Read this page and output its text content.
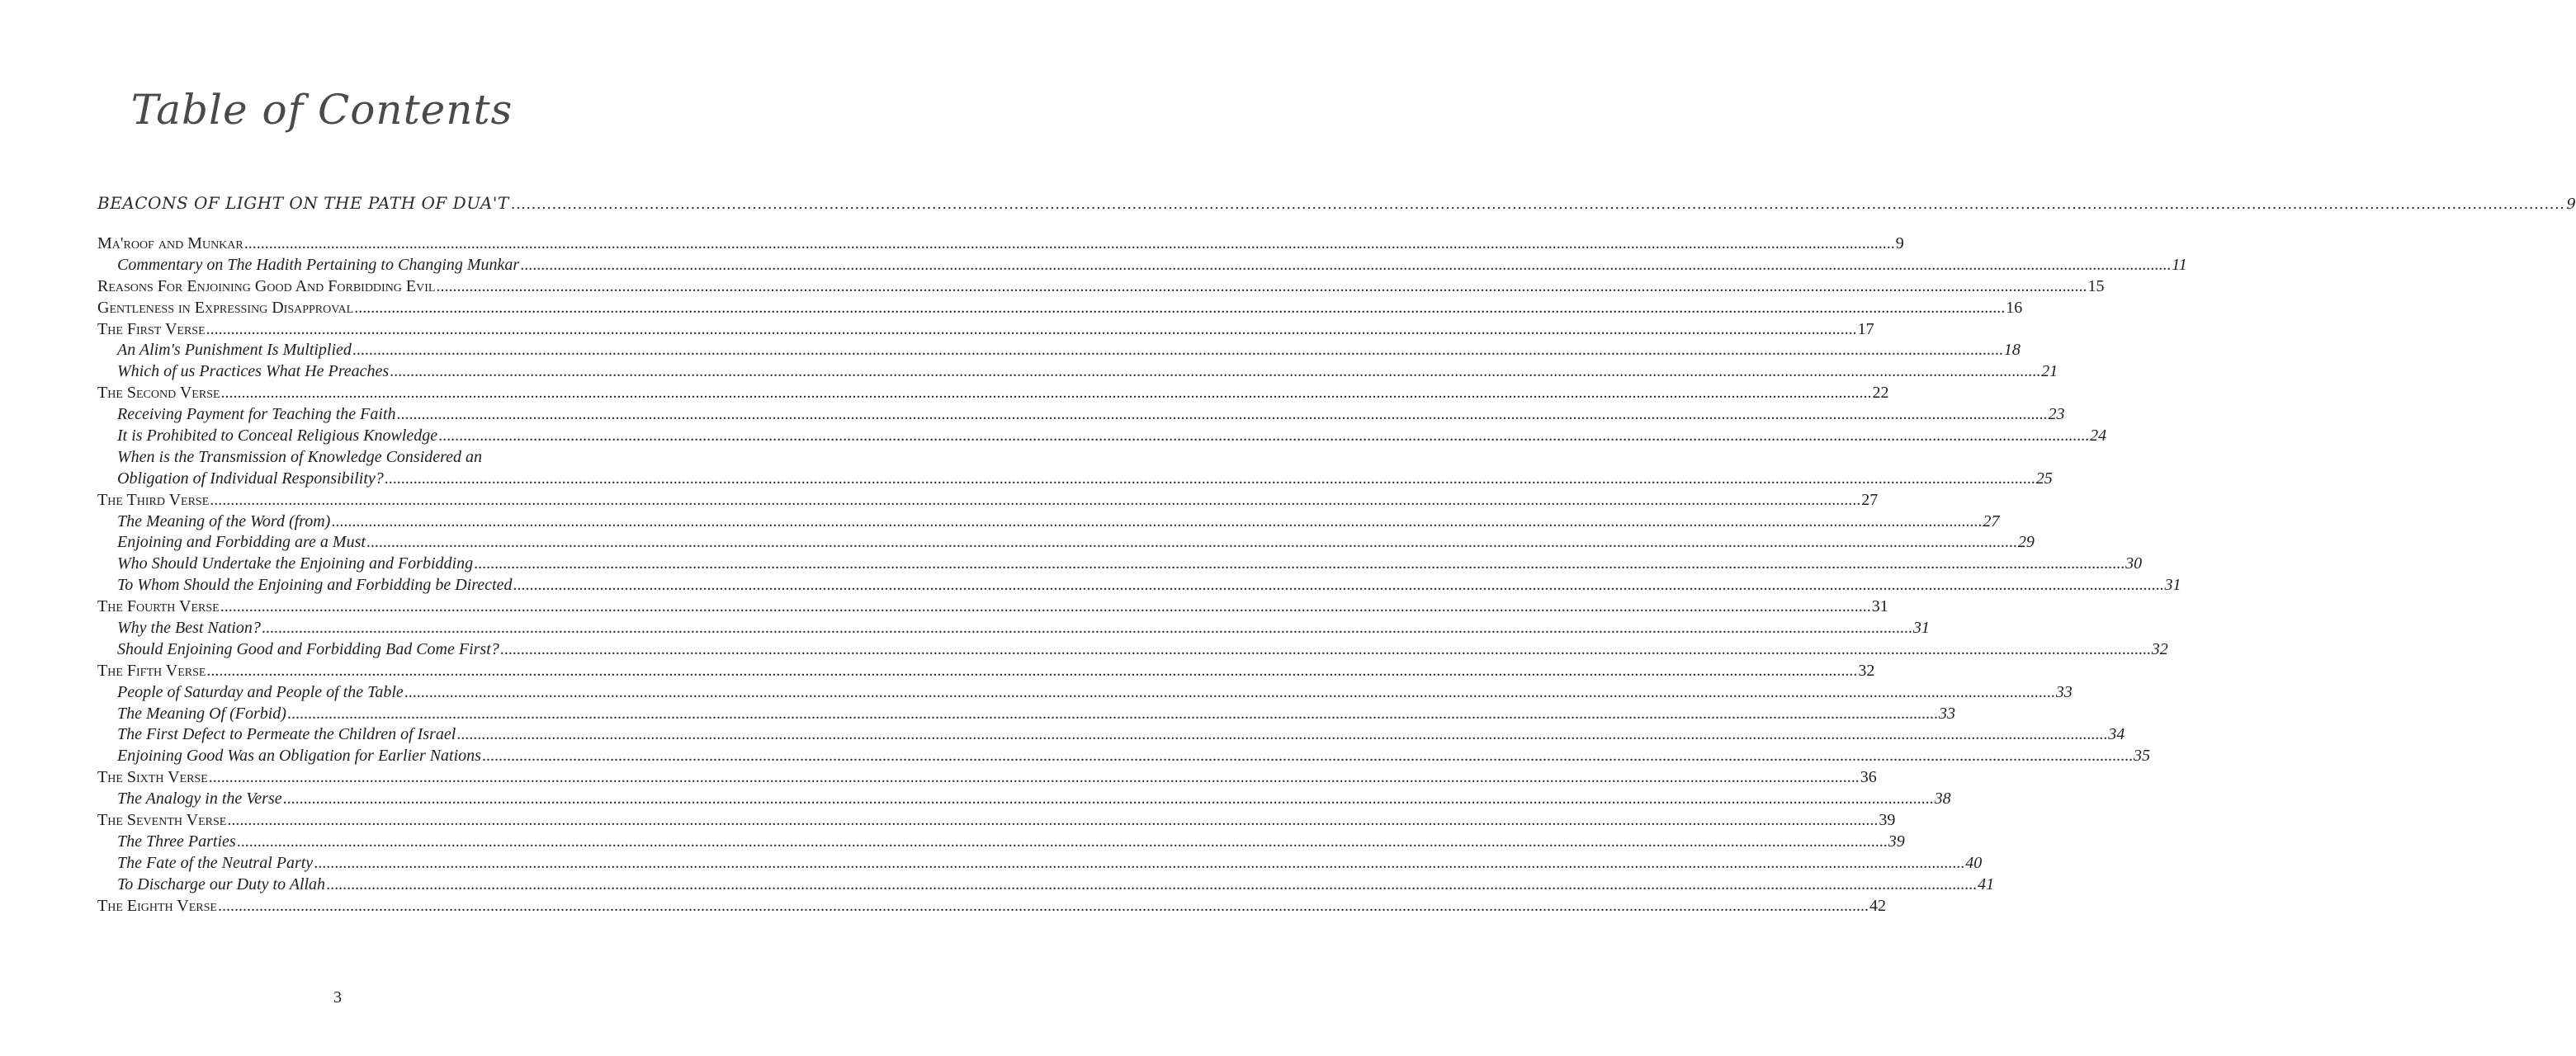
Table of Contents
BEACONS OF LIGHT ON THE PATH OF DUA'T ................................................................................................................................................................................................................................................................................................................................................................................................................ 9
Ma'roof and Munkar ................................................................................................................................................................................................................................................................................................................................................................................................................ 9
Commentary on The Hadith Pertaining to Changing Munkar ................................................................................................................................................................................................................................................................................................................................................................................................................ 11
Reasons For Enjoining Good And Forbidding Evil ................................................................................................................................................................................................................................................................................................................................................................................................................ 15
Gentleness in Expressing Disapproval ................................................................................................................................................................................................................................................................................................................................................................................................................ 16
The First Verse ................................................................................................................................................................................................................................................................................................................................................................................................................ 17
An Alim's Punishment Is Multiplied ................................................................................................................................................................................................................................................................................................................................................................................................................ 18
Which of us Practices What He Preaches ................................................................................................................................................................................................................................................................................................................................................................................................................ 21
The Second Verse ................................................................................................................................................................................................................................................................................................................................................................................................................ 22
Receiving Payment for Teaching the Faith ................................................................................................................................................................................................................................................................................................................................................................................................................ 23
It is Prohibited to Conceal Religious Knowledge ................................................................................................................................................................................................................................................................................................................................................................................................................ 24
When is the Transmission of Knowledge Considered an
Obligation of Individual Responsibility? ................................................................................................................................................................................................................................................................................................................................................................................................................ 25
The Third Verse ................................................................................................................................................................................................................................................................................................................................................................................................................ 27
The Meaning of the Word (from) ................................................................................................................................................................................................................................................................................................................................................................................................................ 27
Enjoining and Forbidding are a Must ................................................................................................................................................................................................................................................................................................................................................................................................................ 29
Who Should Undertake the Enjoining and Forbidding ................................................................................................................................................................................................................................................................................................................................................................................................................ 30
To Whom Should the Enjoining and Forbidding be Directed ................................................................................................................................................................................................................................................................................................................................................................................................................ 31
The Fourth Verse ................................................................................................................................................................................................................................................................................................................................................................................................................ 31
Why the Best Nation? ................................................................................................................................................................................................................................................................................................................................................................................................................ 31
Should Enjoining Good and Forbidding Bad Come First? ................................................................................................................................................................................................................................................................................................................................................................................................................ 32
The Fifth Verse ................................................................................................................................................................................................................................................................................................................................................................................................................ 32
People of Saturday and People of the Table ................................................................................................................................................................................................................................................................................................................................................................................................................ 33
The Meaning Of (Forbid) ................................................................................................................................................................................................................................................................................................................................................................................................................ 33
The First Defect to Permeate the Children of Israel ................................................................................................................................................................................................................................................................................................................................................................................................................ 34
Enjoining Good Was an Obligation for Earlier Nations ................................................................................................................................................................................................................................................................................................................................................................................................................ 35
The Sixth Verse ................................................................................................................................................................................................................................................................................................................................................................................................................ 36
The Analogy in the Verse ................................................................................................................................................................................................................................................................................................................................................................................................................ 38
The Seventh Verse ................................................................................................................................................................................................................................................................................................................................................................................................................ 39
The Three Parties ................................................................................................................................................................................................................................................................................................................................................................................................................ 39
The Fate of the Neutral Party ................................................................................................................................................................................................................................................................................................................................................................................................................ 40
To Discharge our Duty to Allah ................................................................................................................................................................................................................................................................................................................................................................................................................ 41
The Eighth Verse ................................................................................................................................................................................................................................................................................................................................................................................................................ 42
3
